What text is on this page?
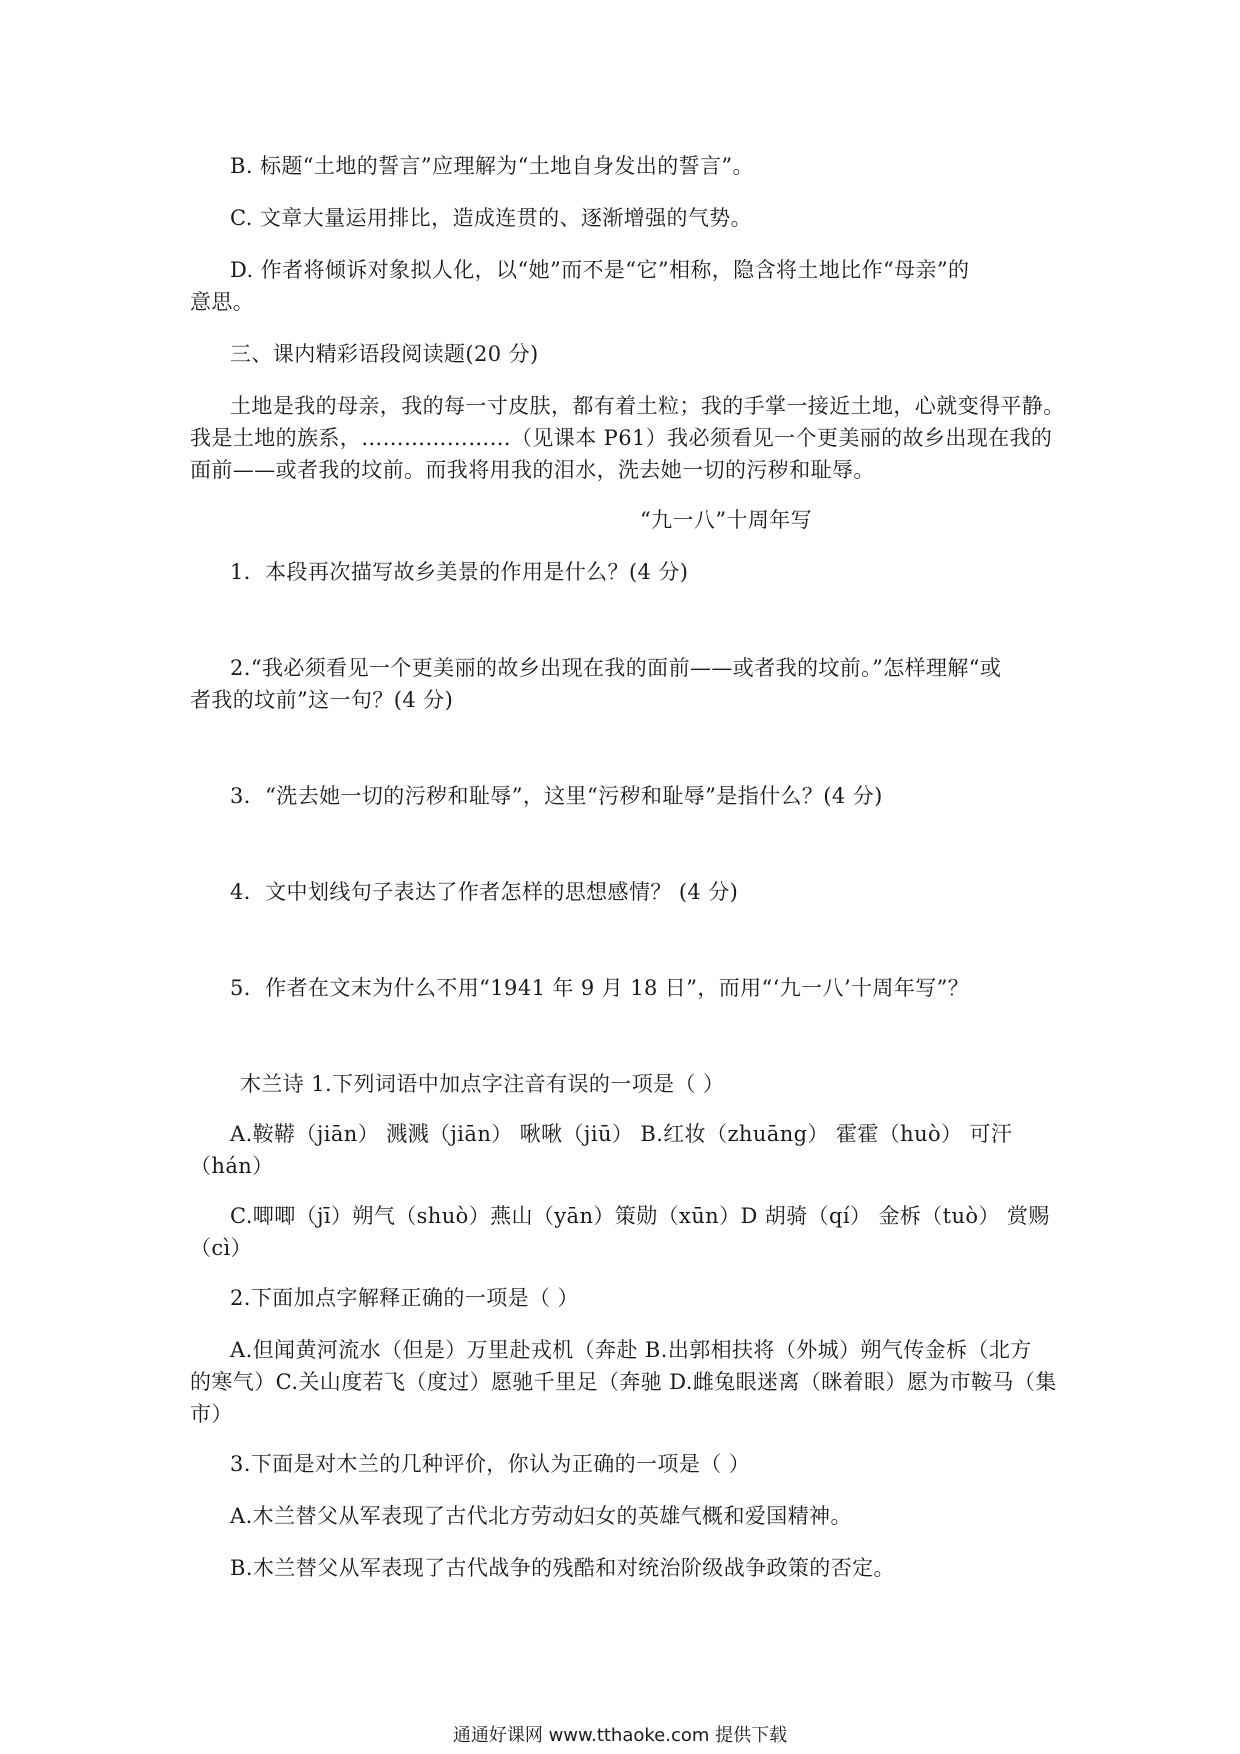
B. 标题“土地的誓言”应理解为“土地自身发出的誓言”。
C. 文章大量运用排比，造成连贯的、逐渐增强的气势。
D. 作者将倾诉对象拟人化，以“她”而不是“它”相称，隐含将土地比作“母亲”的
意思。
三、课内精彩语段阅读题(20 分)
土地是我的母亲，我的每一寸皮肤，都有着土粒；我的手掌一接近土地，心就变得平静。
我是土地的族系，…………………（见课本 P61）我必须看见一个更美丽的故乡出现在我的
面前——或者我的坟前。而我将用我的泪水，洗去她一切的污秽和耻辱。
“九一八”十周年写
1．本段再次描写故乡美景的作用是什么？(4 分)
2.“我必须看见一个更美丽的故乡出现在我的面前——或者我的坟前。”怎样理解“或
者我的坟前”这一句？(4 分)
3．“洗去她一切的污秽和耻辱”，这里“污秽和耻辱”是指什么？(4 分)
4．文中划线句子表达了作者怎样的思想感情？ (4 分)
5．作者在文末为什么不用“1941 年 9 月 18 日”，而用“‘九一八’十周年写”？
木兰诗 1.下列词语中加点字注音有误的一项是（ ）
A.鞍鞯（jiān） 溅溅（jiān） 啾啾（jiū） B.红妆（zhuāng） 霍霍（huò） 可汗
（hán）
C.唧唧（jī）朔气（shuò）燕山（yān）策勋（xūn）D 胡骑（qí） 金柝（tuò） 赏赐
（cì）
2.下面加点字解释正确的一项是（ ）
A.但闻黄河流水（但是）万里赴戎机（奔赴 B.出郭相扶将（外城）朔气传金柝（北方
的寒气）C.关山度若飞（度过）愿驰千里足（奔驰 D.雌兔眼迷离（眯着眼）愿为市鞍马（集
市）
3.下面是对木兰的几种评价，你认为正确的一项是（ ）
A.木兰替父从军表现了古代北方劳动妇女的英雄气概和爱国精神。
B.木兰替父从军表现了古代战争的残酷和对统治阶级战争政策的否定。
通通好课网 www.tthaoke.com 提供下载
